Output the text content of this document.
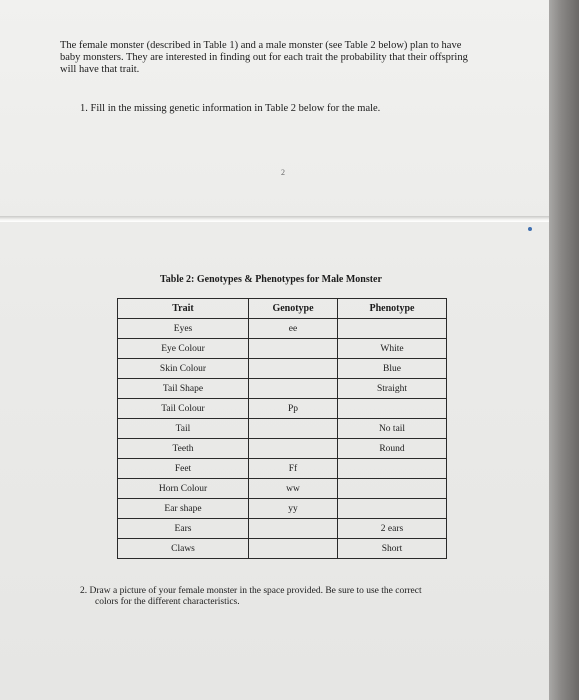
The female monster (described in Table 1) and a male monster (see Table 2 below) plan to have
baby monsters. They are interested in finding out for each trait the probability that their offspring
will have that trait.
1. Fill in the missing genetic information in Table 2 below for the male.
2
Table 2: Genotypes & Phenotypes for Male Monster
Trait	Genotype	Phenotype
Eyes	ee	
Eye Colour		White
Skin Colour		Blue
Tail Shape		Straight
Tail Colour	Pp	
Tail		No tail
Teeth		Round
Feet	Ff	
Horn Colour	ww	
Ear shape	yy	
Ears		2 ears
Claws		Short
2. Draw a picture of your female monster in the space provided. Be sure to use the correct
colors for the different characteristics.
